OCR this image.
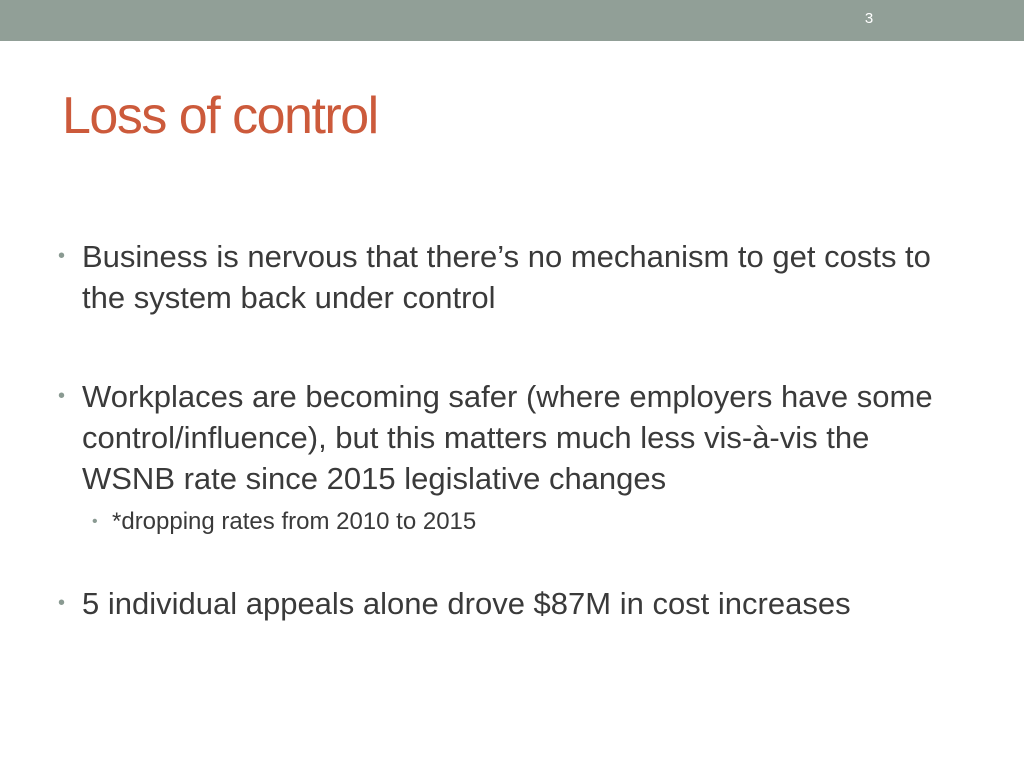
3
Loss of control
• Business is nervous that there’s no mechanism to get costs to the system back under control
• Workplaces are becoming safer (where employers have some control/influence), but this matters much less vis-à-vis the WSNB rate since 2015 legislative changes
• *dropping rates from 2010 to 2015
• 5 individual appeals alone drove $87M in cost increases
